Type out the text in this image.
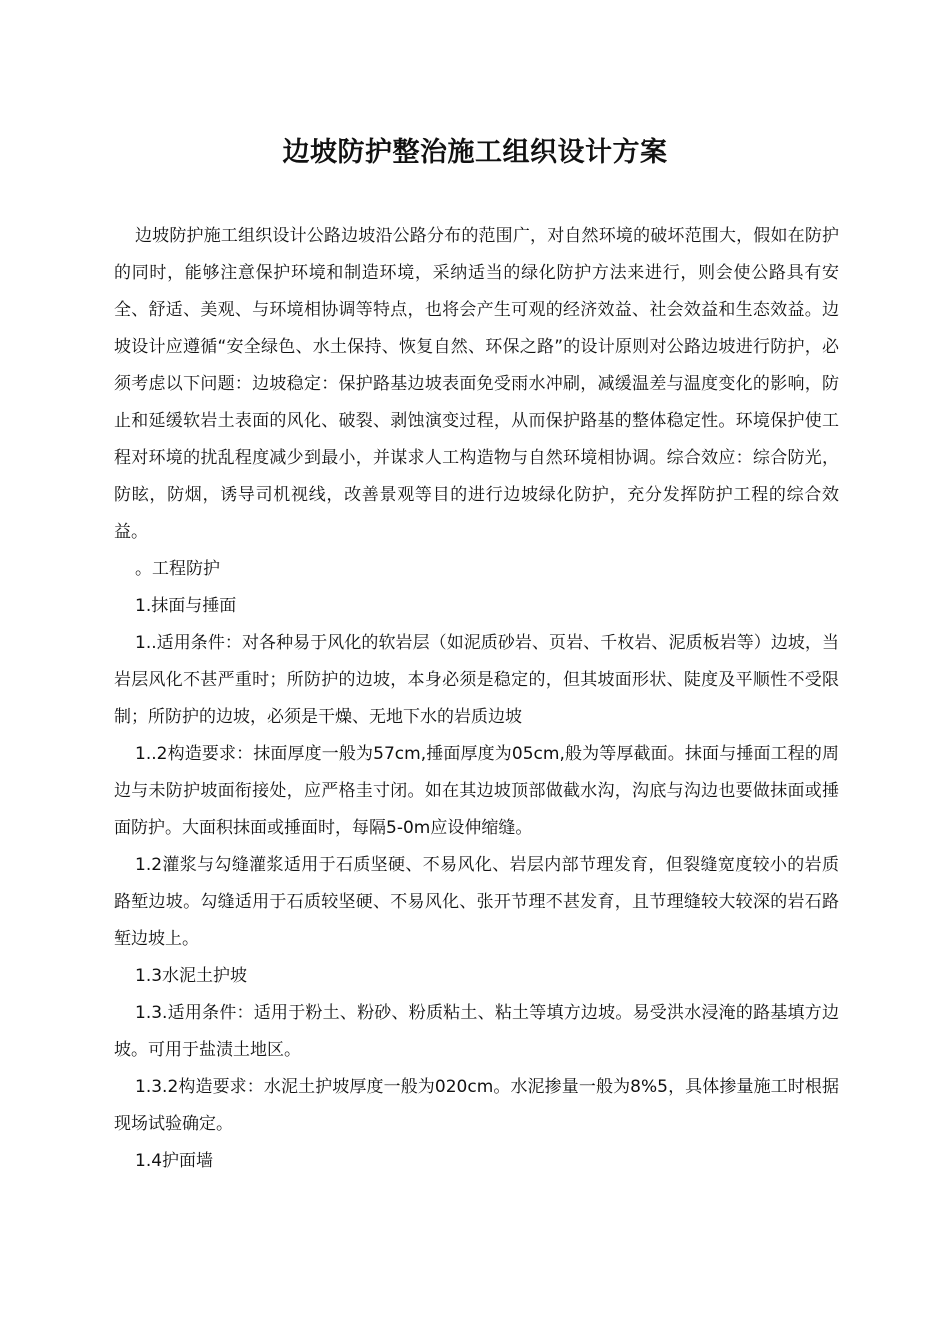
边坡防护整治施工组织设计方案

边坡防护施工组织设计公路边坡沿公路分布的范围广，对自然环境的破坏范围大，假如在防护的同时，能够注意保护环境和制造环境，采纳适当的绿化防护方法来进行，则会使公路具有安全、舒适、美观、与环境相协调等特点，也将会产生可观的经济效益、社会效益和生态效益。边坡设计应遵循“安全绿色、水土保持、恢复自然、环保之路”的设计原则对公路边坡进行防护，必须考虑以下问题：边坡稳定：保护路基边坡表面免受雨水冲刷，减缓温差与温度变化的影响，防止和延缓软岩土表面的风化、破裂、剥蚀演变过程，从而保护路基的整体稳定性。环境保护使工程对环境的扰乱程度减少到最小，并谋求人工构造物与自然环境相协调。综合效应：综合防光，防眩，防烟，诱导司机视线，改善景观等目的进行边坡绿化防护，充分发挥防护工程的综合效益。

。工程防护

1.抹面与捶面

1..适用条件：对各种易于风化的软岩层（如泥质砂岩、页岩、千枚岩、泥质板岩等）边坡，当岩层风化不甚严重时；所防护的边坡，本身必须是稳定的，但其坡面形状、陡度及平顺性不受限制；所防护的边坡，必须是干燥、无地下水的岩质边坡

1..2构造要求：抹面厚度一般为57cm,捶面厚度为05cm,般为等厚截面。抹面与捶面工程的周边与未防护坡面衔接处，应严格圭寸闭。如在其边坡顶部做截水沟，沟底与沟边也要做抹面或捶面防护。大面积抹面或捶面时，每隔5-0m应设伸缩缝。

1.2灌浆与勾缝灌浆适用于石质坚硬、不易风化、岩层内部节理发育，但裂缝宽度较小的岩质路堑边坡。勾缝适用于石质较坚硬、不易风化、张开节理不甚发育，且节理缝较大较深的岩石路堑边坡上。

1.3水泥土护坡

1.3.适用条件：适用于粉土、粉砂、粉质粘土、粘土等填方边坡。易受洪水浸淹的路基填方边坡。可用于盐渍土地区。

1.3.2构造要求：水泥土护坡厚度一般为020cm。水泥掺量一般为8%5，具体掺量施工时根据现场试验确定。

1.4护面墙
